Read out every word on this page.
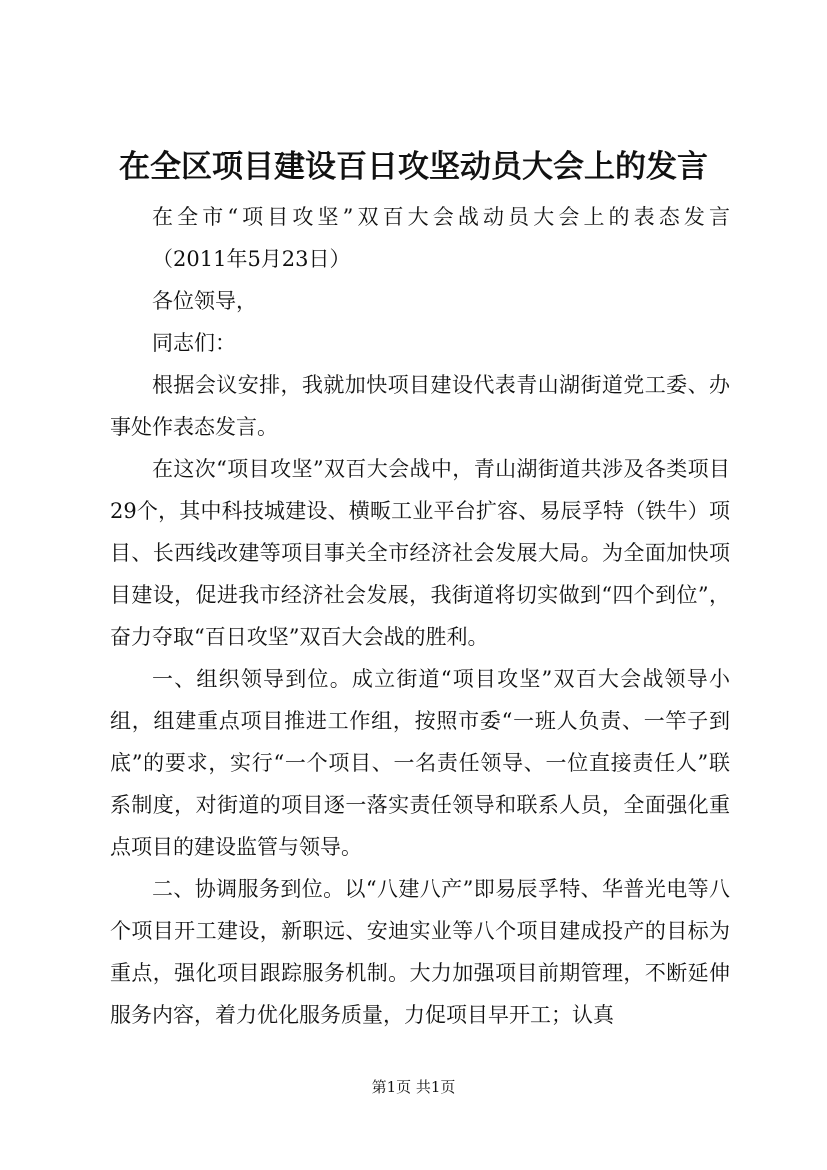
在全区项目建设百日攻坚动员大会上的发言

在全市“项目攻坚”双百大会战动员大会上的表态发言

（2011年5月23日）

各位领导，

同志们：

根据会议安排，我就加快项目建设代表青山湖街道党工委、办事处作表态发言。

在这次“项目攻坚”双百大会战中，青山湖街道共涉及各类项目29个，其中科技城建设、横畈工业平台扩容、易辰孚特（铁牛）项目、长西线改建等项目事关全市经济社会发展大局。为全面加快项目建设，促进我市经济社会发展，我街道将切实做到“四个到位”，奋力夺取“百日攻坚”双百大会战的胜利。

一、组织领导到位。成立街道“项目攻坚”双百大会战领导小组，组建重点项目推进工作组，按照市委“一班人负责、一竿子到底”的要求，实行“一个项目、一名责任领导、一位直接责任人”联系制度，对街道的项目逐一落实责任领导和联系人员，全面强化重点项目的建设监管与领导。

二、协调服务到位。以“八建八产”即易辰孚特、华普光电等八个项目开工建设，新职远、安迪实业等八个项目建成投产的目标为重点，强化项目跟踪服务机制。大力加强项目前期管理，不断延伸服务内容，着力优化服务质量，力促项目早开工；认真

第1页 共1页
